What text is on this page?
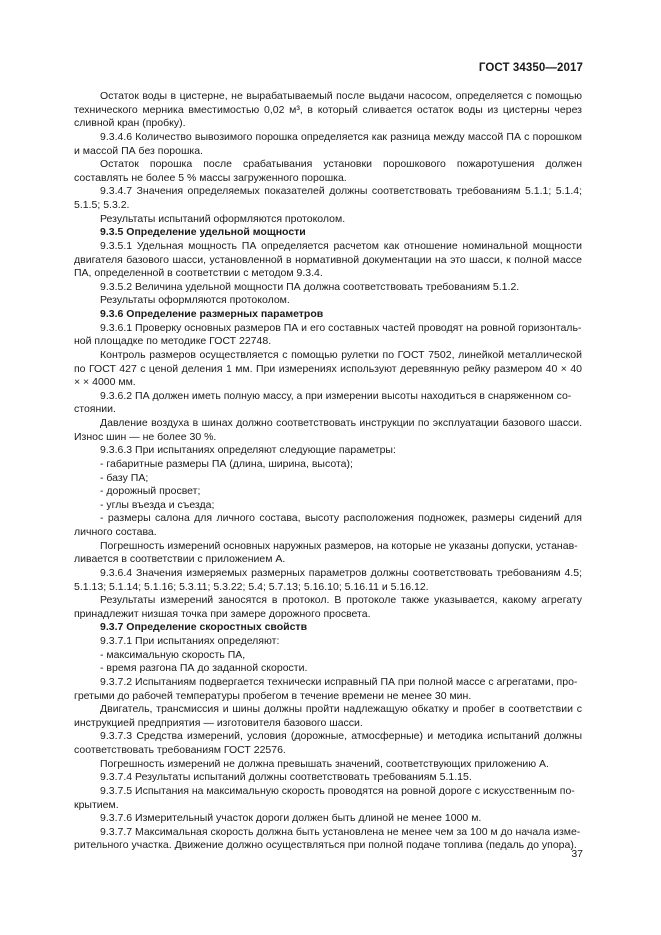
ГОСТ 34350—2017

Остаток воды в цистерне, не вырабатываемый после выдачи насосом, определяется с помощью технического мерника вместимостью 0,02 м³, в который сливается остаток воды из цистерны через сливной кран (пробку).

9.3.4.6 Количество вывозимого порошка определяется как разница между массой ПА с порошком и массой ПА без порошка.

Остаток порошка после срабатывания установки порошкового пожаротушения должен составлять не более 5 % массы загруженного порошка.

9.3.4.7 Значения определяемых показателей должны соответствовать требованиям 5.1.1; 5.1.4; 5.1.5; 5.3.2.

Результаты испытаний оформляются протоколом.

9.3.5 Определение удельной мощности

9.3.5.1 Удельная мощность ПА определяется расчетом как отношение номинальной мощности двигателя базового шасси, установленной в нормативной документации на это шасси, к полной массе ПА, определенной в соответствии с методом 9.3.4.

9.3.5.2 Величина удельной мощности ПА должна соответствовать требованиям 5.1.2.

Результаты оформляются протоколом.

9.3.6 Определение размерных параметров

9.3.6.1 Проверку основных размеров ПА и его составных частей проводят на ровной горизонталь-
ной площадке по методике ГОСТ 22748.

Контроль размеров осуществляется с помощью рулетки по ГОСТ 7502, линейкой металлической по ГОСТ 427 с ценой деления 1 мм. При измерениях используют деревянную рейку размером 40 × 40 × × 4000 мм.

9.3.6.2 ПА должен иметь полную массу, а при измерении высоты находиться в снаряженном со-
стоянии.

Давление воздуха в шинах должно соответствовать инструкции по эксплуатации базового шасси. Износ шин — не более 30 %.

9.3.6.3 При испытаниях определяют следующие параметры:

- габаритные размеры ПА (длина, ширина, высота);

- базу ПА;

- дорожный просвет;

- углы въезда и съезда;

- размеры салона для личного состава, высоту расположения подножек, размеры сидений для личного состава.

Погрешность измерений основных наружных размеров, на которые не указаны допуски, устанав-
ливается в соответствии с приложением А.

9.3.6.4 Значения измеряемых размерных параметров должны соответствовать требованиям 4.5; 5.1.13; 5.1.14; 5.1.16; 5.3.11; 5.3.22; 5.4; 5.7.13; 5.16.10; 5.16.11 и 5.16.12.

Результаты измерений заносятся в протокол. В протоколе также указывается, какому агрегату принадлежит низшая точка при замере дорожного просвета.

9.3.7 Определение скоростных свойств

9.3.7.1 При испытаниях определяют:

- максимальную скорость ПА,

- время разгона ПА до заданной скорости.

9.3.7.2 Испытаниям подвергается технически исправный ПА при полной массе с агрегатами, про-
гретыми до рабочей температуры пробегом в течение времени не менее 30 мин.

Двигатель, трансмиссия и шины должны пройти надлежащую обкатку и пробег в соответствии с инструкцией предприятия — изготовителя базового шасси.

9.3.7.3 Средства измерений, условия (дорожные, атмосферные) и методика испытаний должны соответствовать требованиям ГОСТ 22576.

Погрешность измерений не должна превышать значений, соответствующих приложению А.

9.3.7.4 Результаты испытаний должны соответствовать требованиям 5.1.15.

9.3.7.5 Испытания на максимальную скорость проводятся на ровной дороге с искусственным по-
крытием.

9.3.7.6 Измерительный участок дороги должен быть длиной не менее 1000 м.

9.3.7.7 Максимальная скорость должна быть установлена не менее чем за 100 м до начала изме-
рительного участка. Движение должно осуществляться при полной подаче топлива (педаль до упора).

37
